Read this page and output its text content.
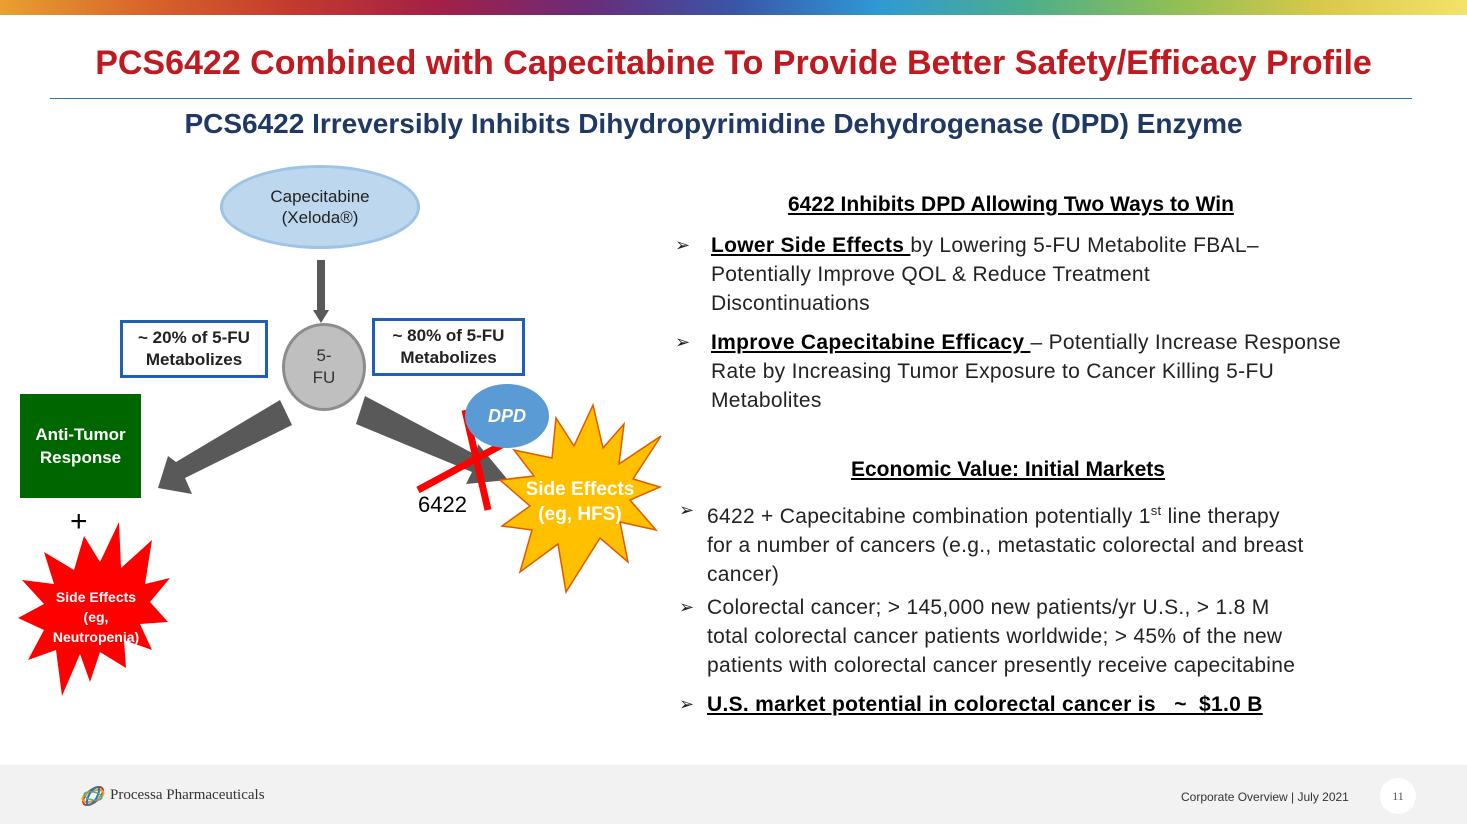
PCS6422 Combined with Capecitabine To Provide Better Safety/Efficacy Profile
PCS6422 Irreversibly Inhibits Dihydropyrimidine Dehydrogenase (DPD) Enzyme
Capecitabine
(Xeloda®)
5-
FU
~ 20% of 5-FU
Metabolizes
~ 80% of 5-FU
Metabolizes
Anti-Tumor
Response
+
DPD
6422
Side Effects
(eg, HFS)
Side Effects
(eg,
Neutropenia)
6422 Inhibits DPD Allowing Two Ways to Win
➢ Lower Side Effects by Lowering 5-FU Metabolite FBAL–
Potentially Improve QOL & Reduce Treatment
Discontinuations
➢ Improve Capecitabine Efficacy – Potentially Increase Response
Rate by Increasing Tumor Exposure to Cancer Killing 5-FU
Metabolites
Economic Value: Initial Markets
➢ 6422 + Capecitabine combination potentially 1st line therapy
for a number of cancers (e.g., metastatic colorectal and breast
cancer)
➢ Colorectal cancer; > 145,000 new patients/yr U.S., > 1.8 M
total colorectal cancer patients worldwide; > 45% of the new
patients with colorectal cancer presently receive capecitabine
➢ U.S. market potential in colorectal cancer is   ~  $1.0 B
Processa Pharmaceuticals	Corporate Overview | July 2021	11
